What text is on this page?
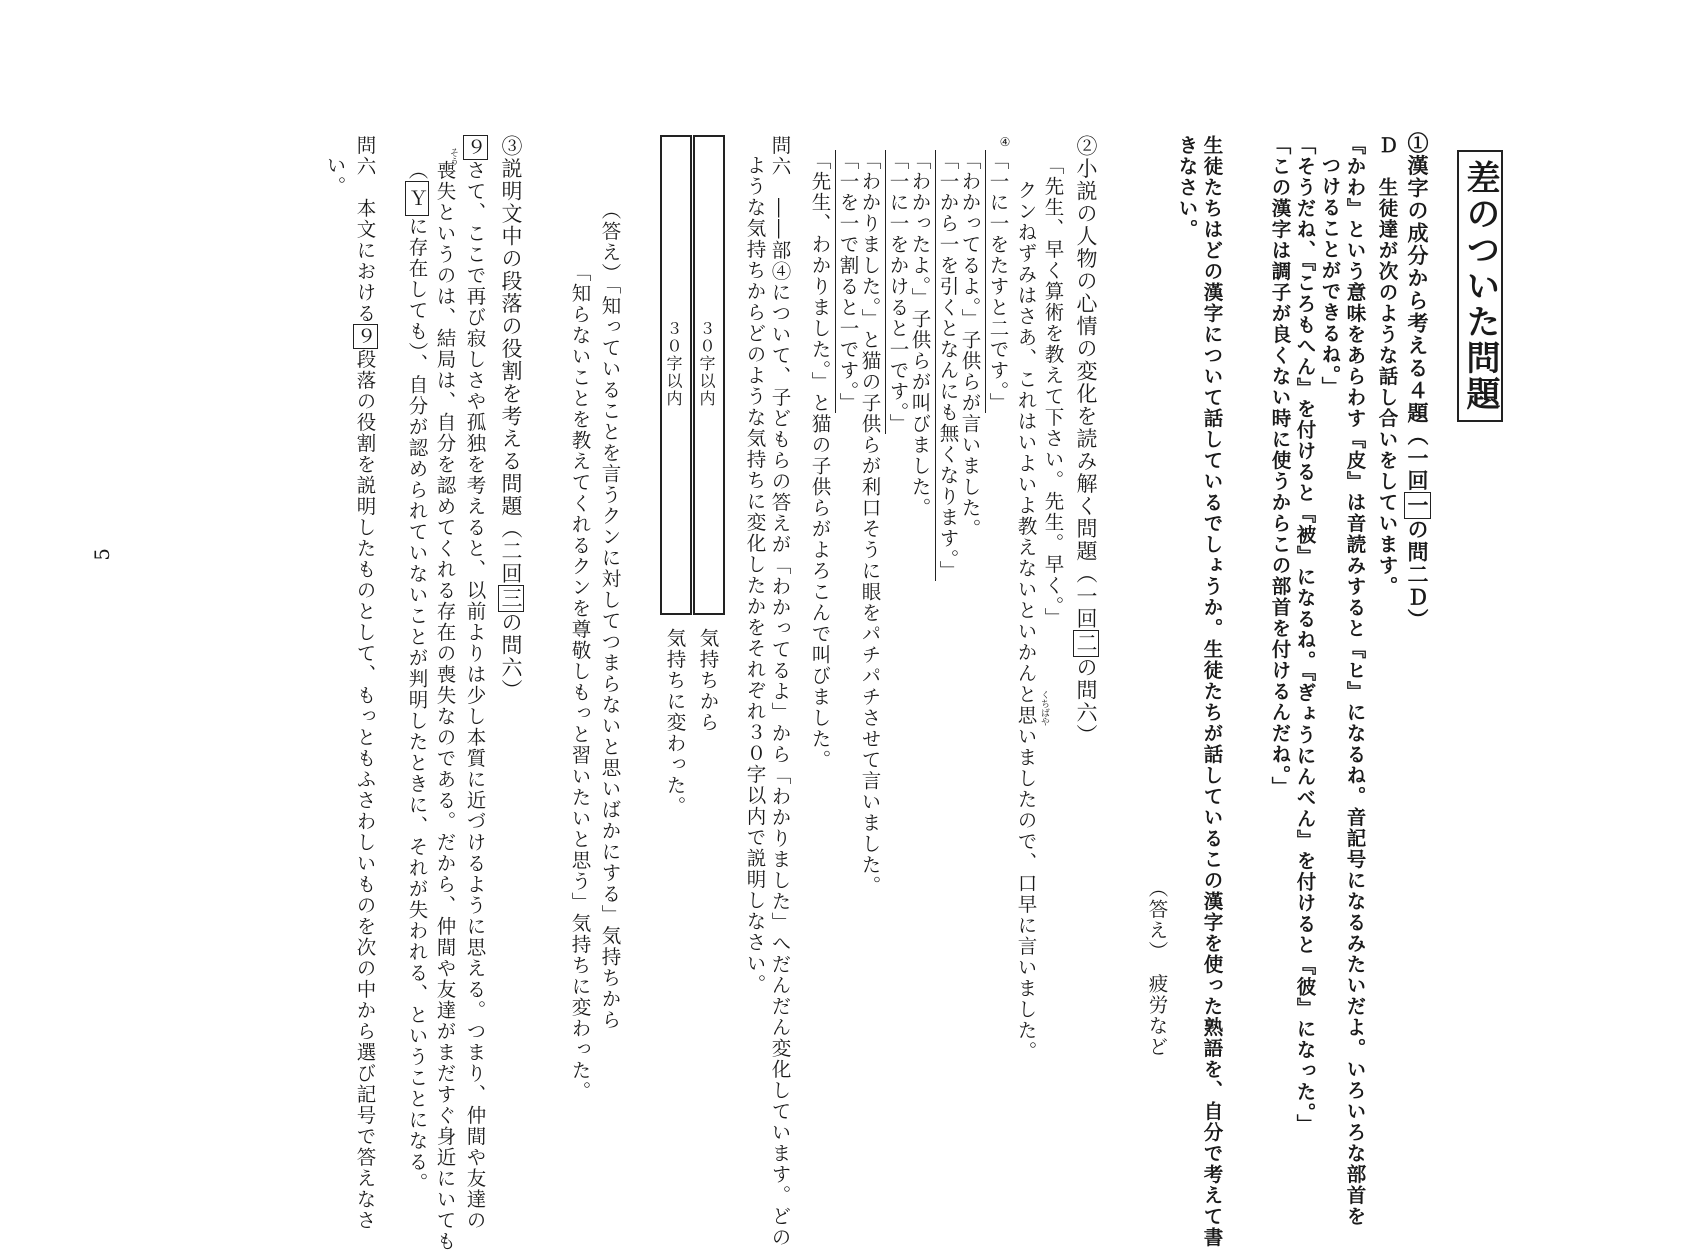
差のついた問題
①漢字の成分から考える４題（一回一の問二Ｄ）
Ｄ　生徒達が次のような話し合いをしています。
『かわ』という意味をあらわす『皮』は音読みすると『ヒ』になるね。音記号になるみたいだよ。いろいろな部首を
つけることができるね。」
「そうだね、『ころもへん』を付けると『被』になるね。『ぎょうにんべん』を付けると『彼』になった。」
「この漢字は調子が良くない時に使うからこの部首を付けるんだね。」
生徒たちはどの漢字について話しているでしょうか。生徒たちが話しているこの漢字を使った熟語を、自分で考えて書
きなさい。
（答え）　疲労など
②小説の人物の心情の変化を読み解く問題（一回二の問六）
「先生、早く算術を教えて下さい。先生。早く。」
クンねずみはさあ、これはいよいよ教えないといかんと思いましたので、口早に言いました。 くちばや
④
「一に一をたすと二です。」
「わかってるよ。」子供らが言いました。
「一から一を引くとなんにも無くなります。」
「わかったよ。」子供らが叫びました。
「一に一をかけると一です。」
「わかりました。」と猫の子供らが利口そうに眼をパチパチさせて言いました。
「一を一で割ると一です。」
「先生、わかりました。」と猫の子供らがよろこんで叫びました。
問六　――部④について、子どもらの答えが「わかってるよ」から「わかりました」へだんだん変化しています。どの
ような気持ちからどのような気持ちに変化したかをそれぞれ３０字以内で説明しなさい。
３０字以内
気持ちから
３０字以内
気持ちに変わった。
（答え）「知っていることを言うクンに対してつまらないと思いばかにする」気持ちから
「知らないことを教えてくれるクンを尊敬しもっと習いたいと思う」気持ちに変わった。
③説明文中の段落の役割を考える問題（二回三の問六）
９さて、ここで再び寂しさや孤独を考えると、以前よりは少し本質に近づけるように思える。つまり、仲間や友達の
そう
喪失というのは、結局は、自分を認めてくれる存在の喪失なのである。だから、仲間や友達がまだすぐ身近にいても
（Ｙに存在しても）、自分が認められていないことが判明したときに、それが失われる、ということになる。
問六　本文における９段落の役割を説明したものとして、もっともふさわしいものを次の中から選び記号で答えなさ
い。
5
